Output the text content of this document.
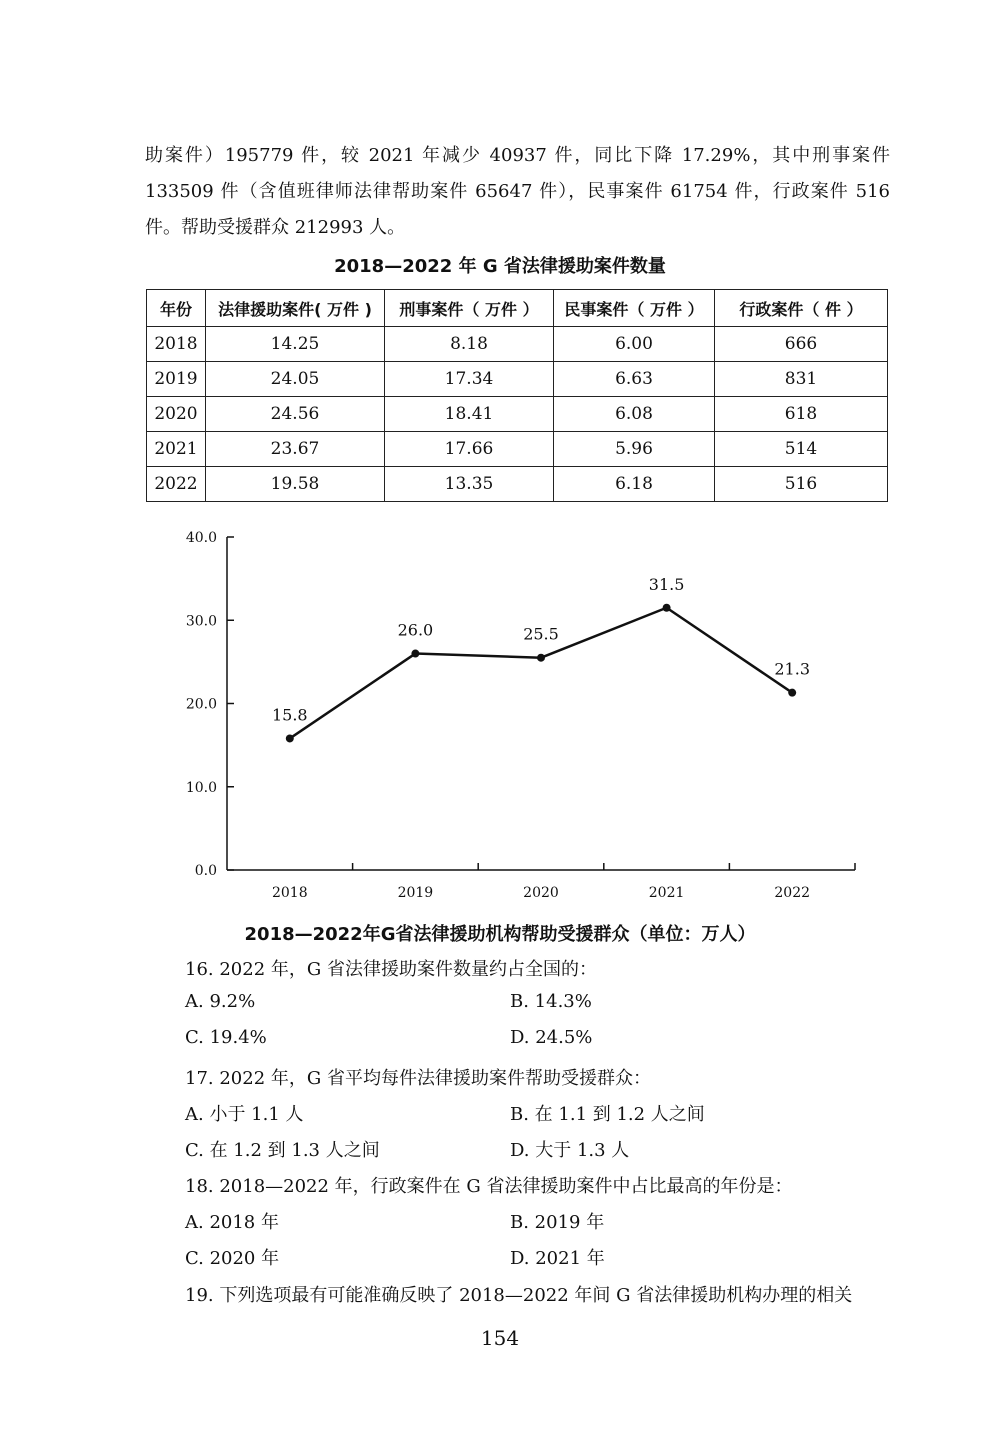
助案件）195779 件，较 2021 年减少 40937 件，同比下降 17.29%，其中刑事案件 133509 件（含值班律师法律帮助案件 65647 件），民事案件 61754 件，行政案件 516 件。帮助受援群众 212993 人。

2018—2022 年 G 省法律援助案件数量

年份	法律援助案件( 万件 )	刑事案件（ 万件 ）	民事案件（ 万件 ）	行政案件（ 件 ）
2018	14.25	8.18	6.00	666
2019	24.05	17.34	6.63	831
2020	24.56	18.41	6.08	618
2021	23.67	17.66	5.96	514
2022	19.58	13.35	6.18	516
0.0
10.0
20.0
30.0
40.0
2018	2019	2020	2021	2022
15.8
26.0	25.5
31.5
21.3

2018—2022年G省法律援助机构帮助受援群众（单位：万人）

16. 2022 年，G 省法律援助案件数量约占全国的：

A. 9.2%	B. 14.3%

C. 19.4%	D. 24.5%

17. 2022 年，G 省平均每件法律援助案件帮助受援群众：

A. 小于 1.1 人	B. 在 1.1 到 1.2 人之间

C. 在 1.2 到 1.3 人之间	D. 大于 1.3 人

18. 2018—2022 年，行政案件在 G 省法律援助案件中占比最高的年份是：

A. 2018 年	B. 2019 年

C. 2020 年	D. 2021 年

19. 下列选项最有可能准确反映了 2018—2022 年间 G 省法律援助机构办理的相关

154
